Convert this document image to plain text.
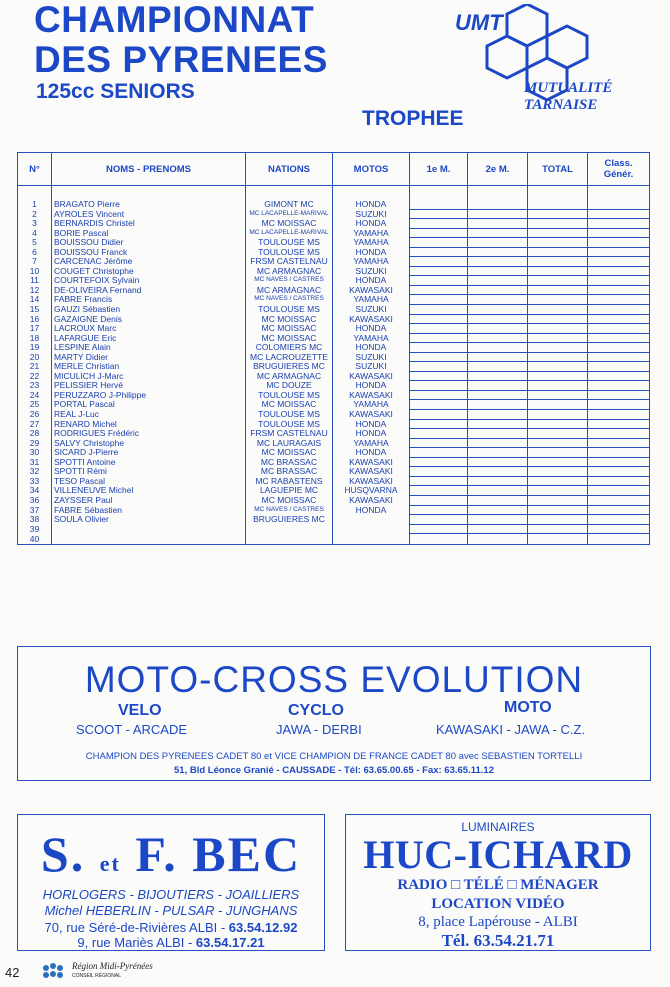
CHAMPIONNAT
DES PYRENEES
125cc SENIORS
TROPHEE
UMT
MUTUALITÉ
TARNAISE
N°	NOMS - PRENOMS	NATIONS	MOTOS	1e M.	2e M.	TOTAL	Class. Génér.

1	BRAGATO Pierre	GIMONT MC	HONDA				
2	AYROLES Vincent	MC LACAPELLE-MARIVAL	SUZUKI				
3	BERNARDIS Christel	MC MOISSAC	HONDA				
4	BORIE Pascal	MC LACAPELLE-MARIVAL	YAMAHA				
5	BOUISSOU Didier	TOULOUSE MS	YAMAHA				
6	BOUISSOU Franck	TOULOUSE MS	HONDA				
7	CARCENAC Jérôme	FRSM CASTELNAU	YAMAHA				
10	COUGET Christophe	MC ARMAGNAC	SUZUKI				
11	COURTEFOIX Sylvain	MC NAVES / CASTRES	HONDA				
12	DE-OLIVEIRA Fernand	MC ARMAGNAC	KAWASAKI				
14	FABRE Francis	MC NAVES / CASTRES	YAMAHA				
15	GAUZI Sébastien	TOULOUSE MS	SUZUKI				
16	GAZAIGNE Denis	MC MOISSAC	KAWASAKI				
17	LACROUX Marc	MC MOISSAC	HONDA				
18	LAFARGUE Eric	MC MOISSAC	YAMAHA				
19	LESPINE Alain	COLOMIERS MC	HONDA				
20	MARTY Didier	MC LACROUZETTE	SUZUKI				
21	MERLE Christian	BRUGUIERES MC	SUZUKI				
22	MICULICH J-Marc	MC ARMAGNAC	KAWASAKI				
23	PELISSIER Hervé	MC DOUZE	HONDA				
24	PERUZZARO J-Philippe	TOULOUSE MS	KAWASAKI				
25	PORTAL Pascal	MC MOISSAC	YAMAHA				
26	REAL J-Luc	TOULOUSE MS	KAWASAKI				
27	RENARD Michel	TOULOUSE MS	HONDA				
28	RODRIGUES Frédéric	FRSM CASTELNAU	HONDA				
29	SALVY Christophe	MC LAURAGAIS	YAMAHA				
30	SICARD J-Pierre	MC MOISSAC	HONDA				
31	SPOTTI Antoine	MC BRASSAC	KAWASAKI				
32	SPOTTI Rémi	MC BRASSAC	KAWASAKI				
33	TESO Pascal	MC RABASTENS	KAWASAKI				
34	VILLENEUVE Michel	LAGUEPIE MC	HUSQVARNA				
36	ZAYSSER Paul	MC MOISSAC	KAWASAKI				
37	FABRE Sébastien	MC NAVES / CASTRES	HONDA				
38	SOULA Olivier	BRUGUIERES MC					
39							
40							
MOTO-CROSS EVOLUTION
VELO
SCOOT - ARCADE
CYCLO
JAWA - DERBI
MOTO
KAWASAKI - JAWA - C.Z.
CHAMPION DES PYRENEES CADET 80 et VICE CHAMPION DE FRANCE CADET 80 avec SEBASTIEN TORTELLI
51, Bld Léonce Granié - CAUSSADE - Tél: 63.65.00.65 - Fax: 63.65.11.12
S. et F. BEC
HORLOGERS - BIJOUTIERS - JOAILLIERS
Michel HEBERLIN - PULSAR - JUNGHANS
70, rue Séré-de-Rivières ALBI - 63.54.12.92
9, rue Mariès ALBI - 63.54.17.21
LUMINAIRES
HUC-ICHARD
RADIO □ TÉLÉ □ MÉNAGER
LOCATION VIDÉO
8, place Lapérouse - ALBI
Tél. 63.54.21.71
42	Région Midi-Pyrénées
CONSEIL RÉGIONAL
